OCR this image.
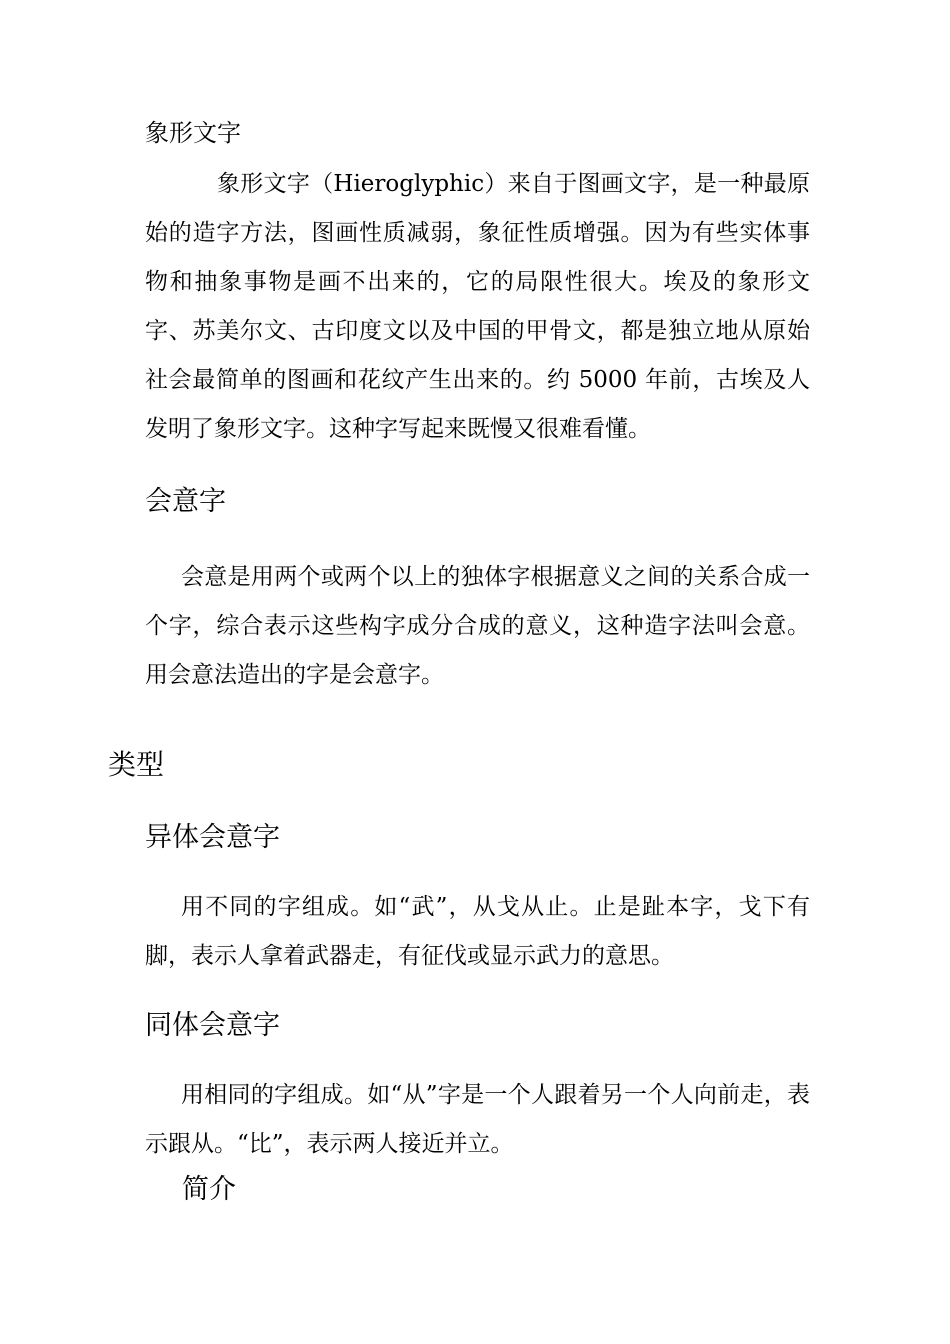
象形文字

象形文字（Hieroglyphic）来自于图画文字，是一种最原始的造字方法，图画性质减弱，象征性质增强。因为有些实体事物和抽象事物是画不出来的，它的局限性很大。埃及的象形文字、苏美尔文、古印度文以及中国的甲骨文，都是独立地从原始社会最简单的图画和花纹产生出来的。约 5000 年前，古埃及人发明了象形文字。这种字写起来既慢又很难看懂。

会意字

会意是用两个或两个以上的独体字根据意义之间的关系合成一个字，综合表示这些构字成分合成的意义，这种造字法叫会意。用会意法造出的字是会意字。

类型
异体会意字

用不同的字组成。如“武”，从戈从止。止是趾本字，戈下有脚，表示人拿着武器走，有征伐或显示武力的意思。

同体会意字

用相同的字组成。如“从”字是一个人跟着另一个人向前走，表示跟从。“比”，表示两人接近并立。

简介
